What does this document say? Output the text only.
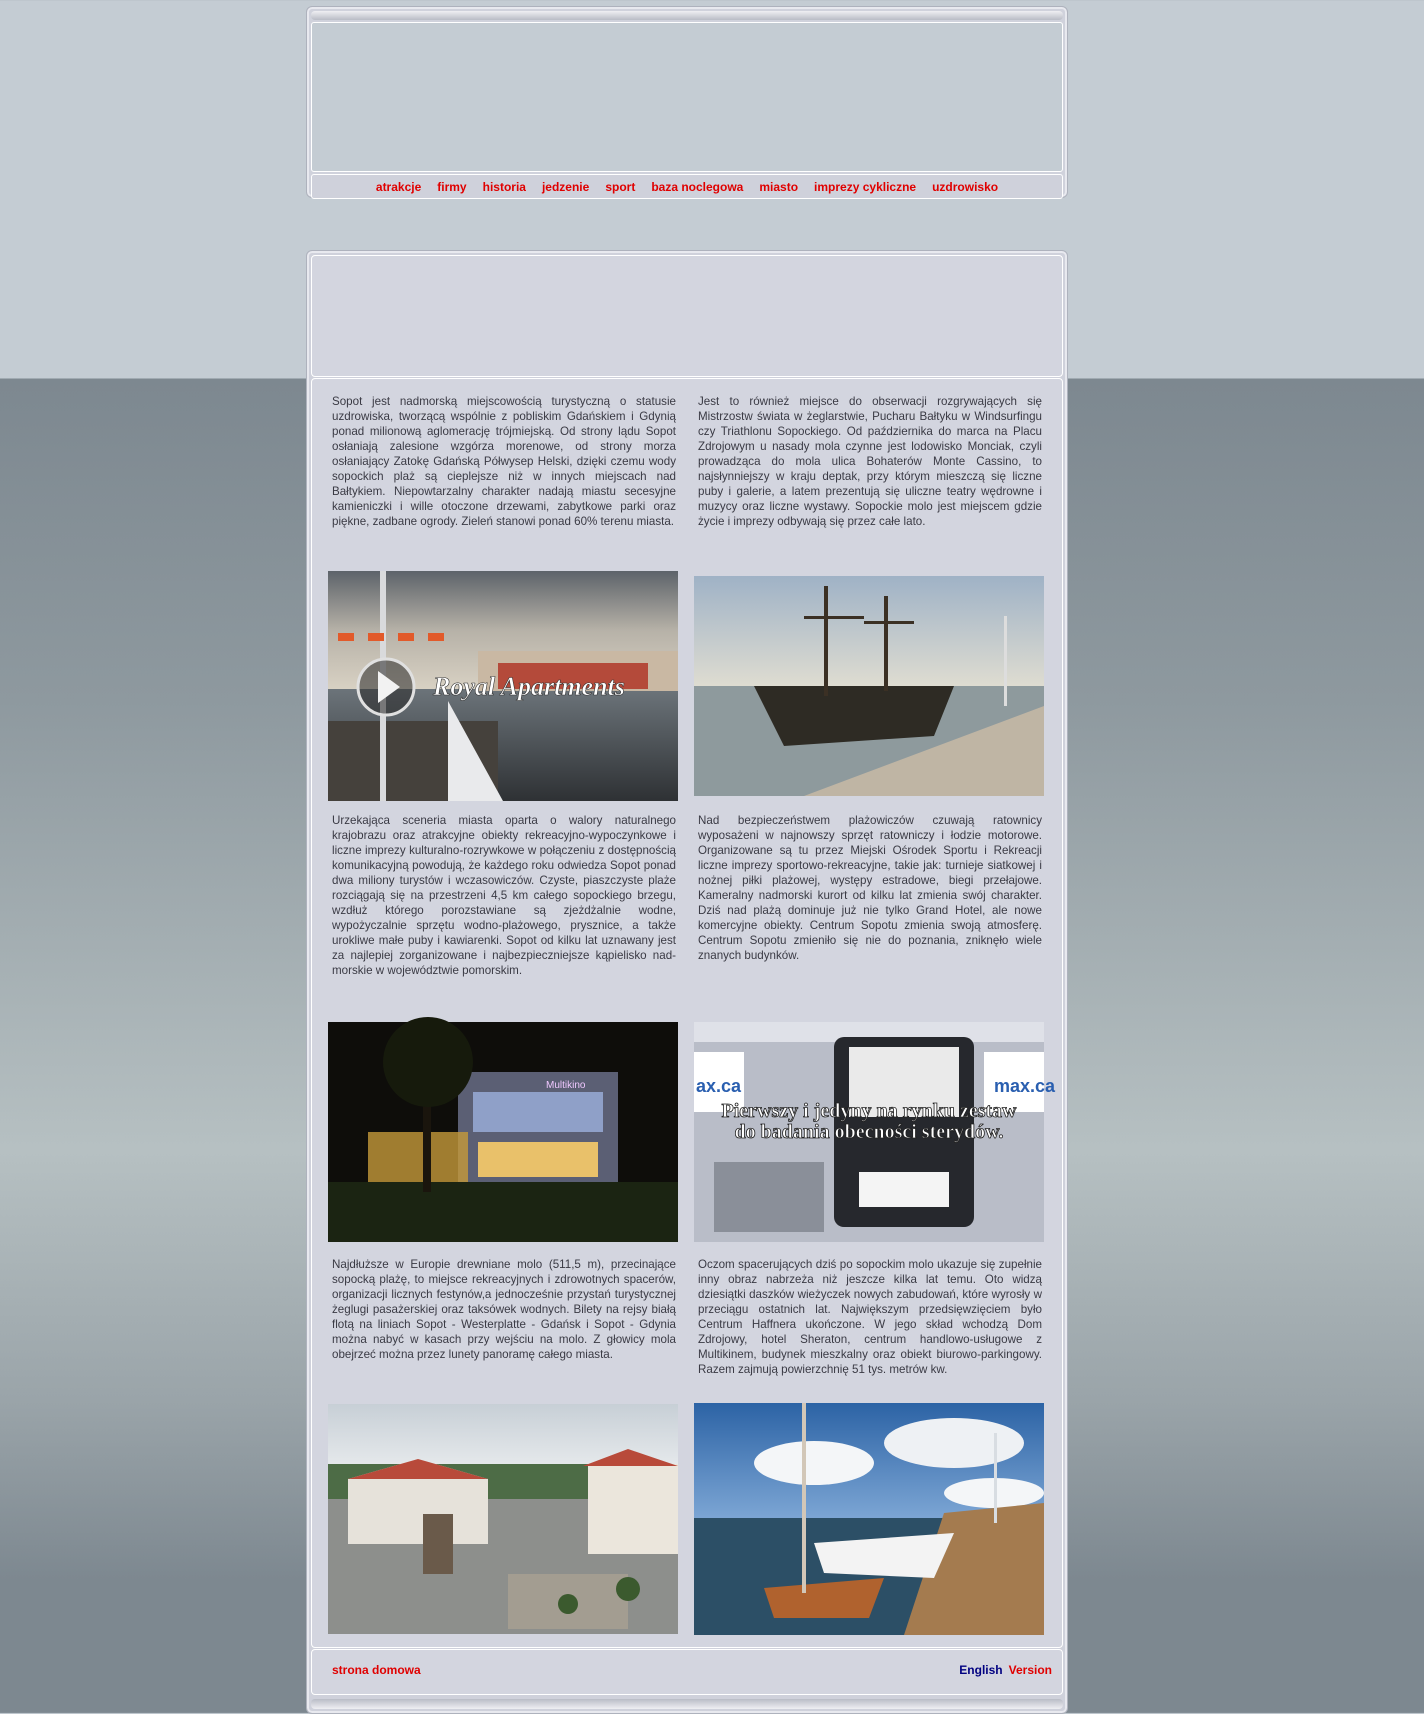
atrakcje firmy historia jedzenie sport baza noclegowa miasto imprezy cykliczne uzdrowisko

Sopot jest nadmorską miejscowością turystyczną o statusie uzdrowiska, tworzącą wspólnie z pobliskim Gdańskiem i Gdynią ponad milionową aglomerację trójmiejską. Od strony lądu Sopot osłaniają zalesione wzgórza morenowe, od strony morza osłaniający Zatokę Gdańską Półwysep Helski, dzięki czemu wody sopockich plaż są cieplejsze niż w innych miejscach nad Bałtykiem. Niepowtarzalny charakter nadają miastu secesyjne kamieniczki i wille otoczone drzewami, zabytkowe parki oraz piękne, zadbane ogrody. Zieleń stanowi ponad 60% terenu miasta.

Jest to również miejsce do obserwacji rozgrywających się Mistrzostw świata w żeglarstwie, Pucharu Bałtyku w Windsurfingu czy Triathlonu Sopockiego. Od października do marca na Placu Zdrojowym u nasady mola czynne jest lodowisko Monciak, czyli prowadząca do mola ulica Bohaterów Monte Cassino, to najsłynniejszy w kraju deptak, przy którym mieszczą się liczne puby i galerie, a latem prezentują się uliczne teatry wędrowne i muzycy oraz liczne wystawy. Sopockie molo jest miejscem gdzie życie i imprezy odbywają się przez całe lato.

Royal Apartments

Urzekająca sceneria miasta oparta o walory naturalnego krajobrazu oraz atrakcyjne obiekty rekreacyjno-wypoczynkowe i liczne imprezy kulturalno-rozrywkowe w połączeniu z dostępnością komunikacyjną powodują, że każdego roku odwiedza Sopot ponad dwa miliony turystów i wczasowiczów. Czyste, piaszczyste plaże rozciągają się na przestrzeni 4,5 km całego sopockiego brzegu, wzdłuż którego porozstawiane są zjeżdżalnie wodne, wypożyczalnie sprzętu wodno-plażowego, prysznice, a także urokliwe małe puby i kawiarenki. Sopot od kilku lat uznawany jest za najlepiej zorganizowane i najbezpieczniejsze kąpielisko nad-morskie w województwie pomorskim.

Nad bezpieczeństwem plażowiczów czuwają ratownicy wyposażeni w najnowszy sprzęt ratowniczy i łodzie motorowe. Organizowane są tu przez Miejski Ośrodek Sportu i Rekreacji liczne imprezy sportowo-rekreacyjne, takie jak: turnieje siatkowej i nożnej piłki plażowej, występy estradowe, biegi przełajowe. Kameralny nadmorski kurort od kilku lat zmienia swój charakter. Dziś nad plażą dominuje już nie tylko Grand Hotel, ale nowe komercyjne obiekty. Centrum Sopotu zmienia swoją atmosferę. Centrum Sopotu zmieniło się nie do poznania, zniknęło wiele znanych budynków.

Multikino	max.ca
ax.ca
Pierwszy i jedyny na rynku zestaw
do badania obecności sterydów.

Najdłuższe w Europie drewniane molo (511,5 m), przecinające sopocką plażę, to miejsce rekreacyjnych i zdrowotnych spacerów, organizacji licznych festynów,a jednocześnie przystań turystycznej żeglugi pasażerskiej oraz taksówek wodnych. Bilety na rejsy białą flotą na liniach Sopot - Westerplatte - Gdańsk i Sopot - Gdynia można nabyć w kasach przy wejściu na molo. Z głowicy mola obejrzeć można przez lunety panoramę całego miasta.

Oczom spacerujących dziś po sopockim molo ukazuje się zupełnie inny obraz nabrzeża niż jeszcze kilka lat temu. Oto widzą dziesiątki daszków wieżyczek nowych zabudowań, które wyrosły w przeciągu ostatnich lat. Największym przedsięwzięciem było Centrum Haffnera ukończone. W jego skład wchodzą Dom Zdrojowy, hotel Sheraton, centrum handlowo-usługowe z Multikinem, budynek mieszkalny oraz obiekt biurowo-parkingowy. Razem zajmują powierzchnię 51 tys. metrów kw.

strona domowa	English Version
